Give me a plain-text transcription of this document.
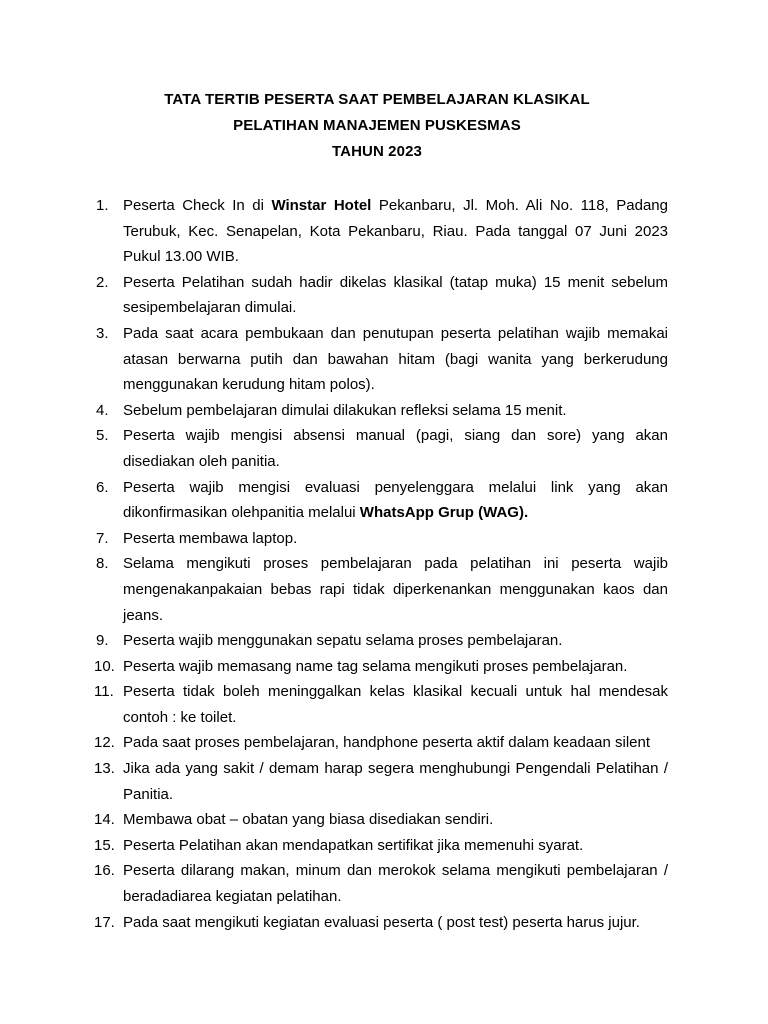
TATA TERTIB PESERTA SAAT PEMBELAJARAN KLASIKAL
PELATIHAN MANAJEMEN PUSKESMAS
TAHUN 2023
1. Peserta Check In di Winstar Hotel Pekanbaru, Jl. Moh. Ali No. 118, Padang Terubuk, Kec. Senapelan, Kota Pekanbaru, Riau. Pada tanggal 07 Juni 2023 Pukul 13.00 WIB.
2. Peserta Pelatihan sudah hadir dikelas klasikal (tatap muka) 15 menit sebelum sesipembelajaran dimulai.
3. Pada saat acara pembukaan dan penutupan peserta pelatihan wajib memakai atasan berwarna putih dan bawahan hitam (bagi wanita yang berkerudung menggunakan kerudung hitam polos).
4. Sebelum pembelajaran dimulai dilakukan refleksi selama 15 menit.
5. Peserta wajib mengisi absensi manual (pagi, siang dan sore) yang akan disediakan oleh panitia.
6. Peserta wajib mengisi evaluasi penyelenggara melalui link yang akan dikonfirmasikan olehpanitia melalui WhatsApp Grup (WAG).
7. Peserta membawa laptop.
8. Selama mengikuti proses pembelajaran pada pelatihan ini peserta wajib mengenakanpakaian bebas rapi tidak diperkenankan menggunakan kaos dan jeans.
9. Peserta wajib menggunakan sepatu selama proses pembelajaran.
10. Peserta wajib memasang name tag selama mengikuti proses pembelajaran.
11. Peserta tidak boleh meninggalkan kelas klasikal kecuali untuk hal mendesak contoh : ke toilet.
12. Pada saat proses pembelajaran, handphone peserta aktif dalam keadaan silent
13. Jika ada yang sakit / demam harap segera menghubungi Pengendali Pelatihan / Panitia.
14. Membawa obat – obatan yang biasa disediakan sendiri.
15. Peserta Pelatihan akan mendapatkan sertifikat jika memenuhi syarat.
16. Peserta dilarang makan, minum dan merokok selama mengikuti pembelajaran / beradadiarea kegiatan pelatihan.
17. Pada saat mengikuti kegiatan evaluasi peserta ( post test) peserta harus jujur.
